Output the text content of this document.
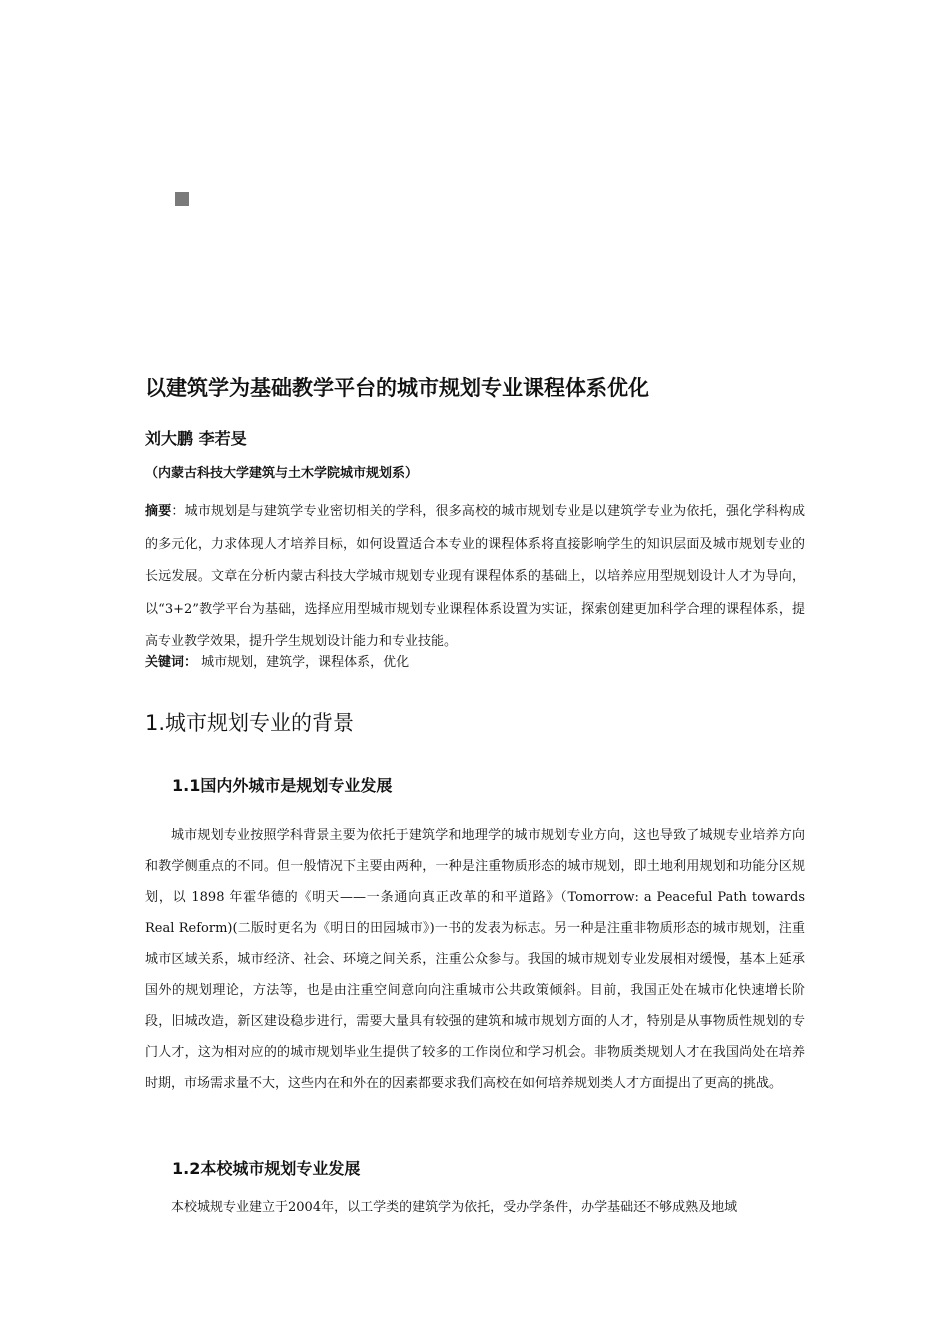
以建筑学为基础教学平台的城市规划专业课程体系优化

刘大鹏 李若旻

（内蒙古科技大学建筑与土木学院城市规划系）

摘要：城市规划是与建筑学专业密切相关的学科，很多高校的城市规划专业是以建筑学专业为依托，强化学科构成的多元化，力求体现人才培养目标，如何设置适合本专业的课程体系将直接影响学生的知识层面及城市规划专业的长远发展。文章在分析内蒙古科技大学城市规划专业现有课程体系的基础上，以培养应用型规划设计人才为导向，以“3+2”教学平台为基础，选择应用型城市规划专业课程体系设置为实证，探索创建更加科学合理的课程体系，提高专业教学效果，提升学生规划设计能力和专业技能。

关键词： 城市规划，建筑学，课程体系，优化

1.城市规划专业的背景
1.1国内外城市是规划专业发展

城市规划专业按照学科背景主要为依托于建筑学和地理学的城市规划专业方向，这也导致了城规专业培养方向和教学侧重点的不同。但一般情况下主要由两种，一种是注重物质形态的城市规划，即土地利用规划和功能分区规划，以 1898 年霍华德的《明天——一条通向真正改革的和平道路》（Tomorrow: a Peaceful Path towards Real Reform)(二版时更名为《明日的田园城市》)一书的发表为标志。另一种是注重非物质形态的城市规划，注重城市区域关系，城市经济、社会、环境之间关系，注重公众参与。我国的城市规划专业发展相对缓慢，基本上延承国外的规划理论，方法等，也是由注重空间意向向注重城市公共政策倾斜。目前，我国正处在城市化快速增长阶段，旧城改造，新区建设稳步进行，需要大量具有较强的建筑和城市规划方面的人才，特别是从事物质性规划的专门人才，这为相对应的的城市规划毕业生提供了较多的工作岗位和学习机会。非物质类规划人才在我国尚处在培养时期，市场需求量不大，这些内在和外在的因素都要求我们高校在如何培养规划类人才方面提出了更高的挑战。

1.2本校城市规划专业发展

本校城规专业建立于2004年，以工学类的建筑学为依托，受办学条件，办学基础还不够成熟及地域
